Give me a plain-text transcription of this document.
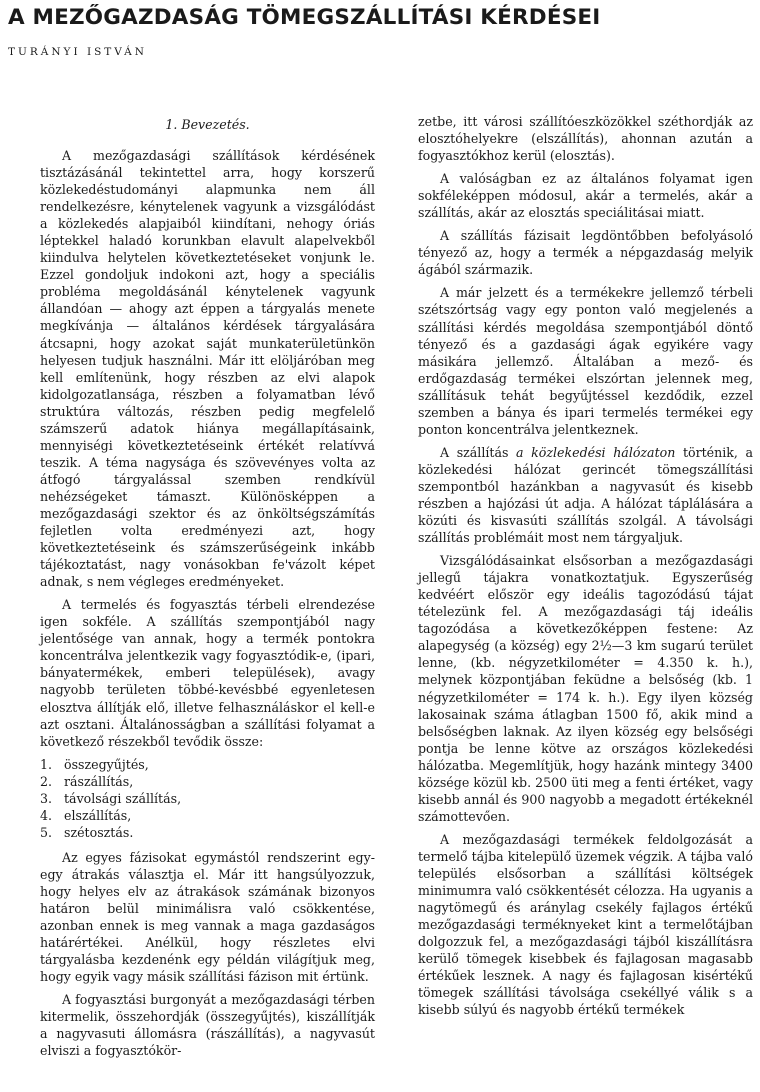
A MEZŐGAZDASÁG TÖMEGSZÁLLÍTÁSI KÉRDÉSEI
TURÁNYI ISTVÁN
1. Bevezetés.

A mezőgazdasági szállítások kérdésének tisztázásánál tekintettel arra, hogy korszerű közlekedéstudományi alapmunka nem áll rendelkezésre, kénytelenek vagyunk a vizsgálódást a közlekedés alapjaiból kiindítani, nehogy óriás léptekkel haladó korunkban elavult alapelvekből kiindulva helytelen következtetéseket vonjunk le. Ezzel gondoljuk indokoni azt, hogy a speciális probléma megoldásánál kénytelenek vagyunk állandóan — ahogy azt éppen a tárgyalás menete megkívánja — általános kérdések tárgyalására átcsapni, hogy azokat saját munkaterületünkön helyesen tudjuk használni. Már itt elöljáróban meg kell említenünk, hogy részben az elvi alapok kidolgozatlansága, részben a folyamatban lévő struktúra változás, részben pedig megfelelő számszerű adatok hiánya megállapításaink, mennyiségi következtetéseink értékét relatívvá teszik. A téma nagysága és szövevényes volta az átfogó tárgyalással szemben rendkívül nehézségeket támaszt. Különösképpen a mezőgazdasági szektor és az önköltségszámítás fejletlen volta eredményezi azt, hogy következtetéseink és számszerűségeink inkább tájékoztatást, nagy vonásokban fe'vázolt képet adnak, s nem végleges eredményeket.

A termelés és fogyasztás térbeli elrendezése igen sokféle. A szállítás szempontjából nagy jelentősége van annak, hogy a termék pontokra koncentrálva jelentkezik vagy fogyasztódik-e, (ipari, bányatermékek, emberi települések), avagy nagyobb területen többé-kevésbbé egyenletesen elosztva állítják elő, illetve felhasználáskor el kell-e azt osztani. Általánosságban a szállítási folyamat a következő részekből tevődik össze:

1. összegyűjtés,
2. rászállítás,
3. távolsági szállítás,
4. elszállítás,
5. szétosztás.

Az egyes fázisokat egymástól rendszerint egy-egy átrakás választja el. Már itt hangsúlyozzuk, hogy helyes elv az átrakások számának bizonyos határon belül minimálisra való csökkentése, azonban ennek is meg vannak a maga gazdaságos határértékei. Anélkül, hogy részletes elvi tárgyalásba kezdenénk egy példán világítjuk meg, hogy egyik vagy másik szállítási fázison mit értünk.

A fogyasztási burgonyát a mezőgazdasági térben kitermelik, összehordják (összegyűjtés), kiszállítják a nagyvasuti állomásra (rászállítás), a nagyvasút elviszi a fogyasztókör-

zetbe, itt városi szállítóeszközökkel széthordják az elosztóhelyekre (elszállítás), ahonnan azután a fogyasztókhoz kerül (elosztás).

A valóságban ez az általános folyamat igen sokféleképpen módosul, akár a termelés, akár a szállítás, akár az elosztás speciálitásai miatt.

A szállítás fázisait legdöntőbben befolyásoló tényező az, hogy a termék a népgazdaság melyik ágából származik.

A már jelzett és a termékekre jellemző térbeli szétszórtság vagy egy ponton való megjelenés a szállítási kérdés megoldása szempontjából döntő tényező és a gazdasági ágak egyikére vagy másikára jellemző. Általában a mező- és erdőgazdaság termékei elszórtan jelennek meg, szállításuk tehát begyűjtéssel kezdődik, ezzel szemben a bánya és ipari termelés termékei egy ponton koncentrálva jelentkeznek.

A szállítás a közlekedési hálózaton történik, a közlekedési hálózat gerincét tömegszállítási szempontból hazánkban a nagyvasút és kisebb részben a hajózási út adja. A hálózat táplálására a közúti és kisvasúti szállítás szolgál. A távolsági szállítás problémáit most nem tárgyaljuk.

Vizsgálódásainkat elsősorban a mezőgazdasági jellegű tájakra vonatkoztatjuk. Egyszerűség kedvéért először egy ideális tagozódású tájat tételezünk fel. A mezőgazdasági táj ideális tagozódása a következőképpen festene: Az alapegység (a község) egy 2½—3 km sugarú terület lenne, (kb. négyzetkilométer = 4.350 k. h.), melynek központjában feküdne a belsőség (kb. 1 négyzetkilométer = 174 k. h.). Egy ilyen község lakosainak száma átlagban 1500 fő, akik mind a belsőségben laknak. Az ilyen község egy belsőségi pontja be lenne kötve az országos közlekedési hálózatba. Megemlítjük, hogy hazánk mintegy 3400 községe közül kb. 2500 üti meg a fenti értéket, vagy kisebb annál és 900 nagyobb a megadott értékeknél számottevően.

A mezőgazdasági termékek feldolgozását a termelő tájba kitelepülő üzemek végzik. A tájba való település elsősorban a szállítási költségek minimumra való csökkentését célozza. Ha ugyanis a nagytömegű és aránylag csekély fajlagos értékű mezőgazdasági terméknyeket kint a termelőtájban dolgozzuk fel, a mezőgazdasági tájból kiszállításra kerülő tömegek kisebbek és fajlagosan magasabb értékűek lesznek. A nagy és fajlagosan kisértékű tömegek szállítási távolsága csekéllyé válik s a kisebb súlyú és nagyobb értékű termékek
